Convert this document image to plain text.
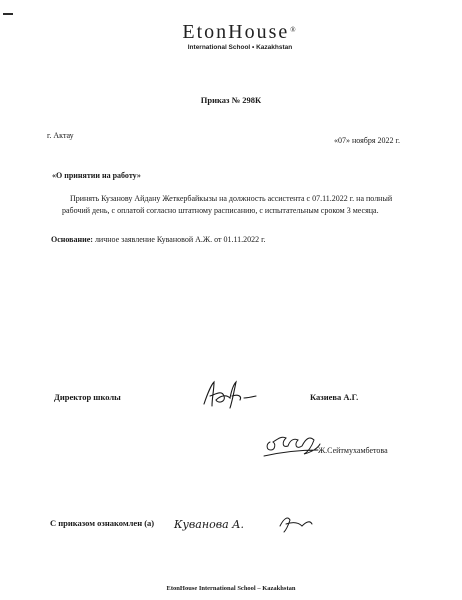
EtonHouse®
International School • Kazakhstan
Приказ № 298К
г. Актау
«07» ноября 2022 г.
«О принятии на работу»
Принять Кузанову Айдану Жеткербайкызы на должность ассистента с 07.11.2022 г. на полный рабочий день, с оплатой согласно штатному расписанию, с испытательным сроком 3 месяца.
Основание: личное заявление Кувановой А.Ж. от 01.11.2022 г.
Директор школы	Казиева А.Г.
Ж.Сейтмухамбетова
С приказом ознакомлен (а) Куванова А.
EtonHouse International School – Kazakhstan
